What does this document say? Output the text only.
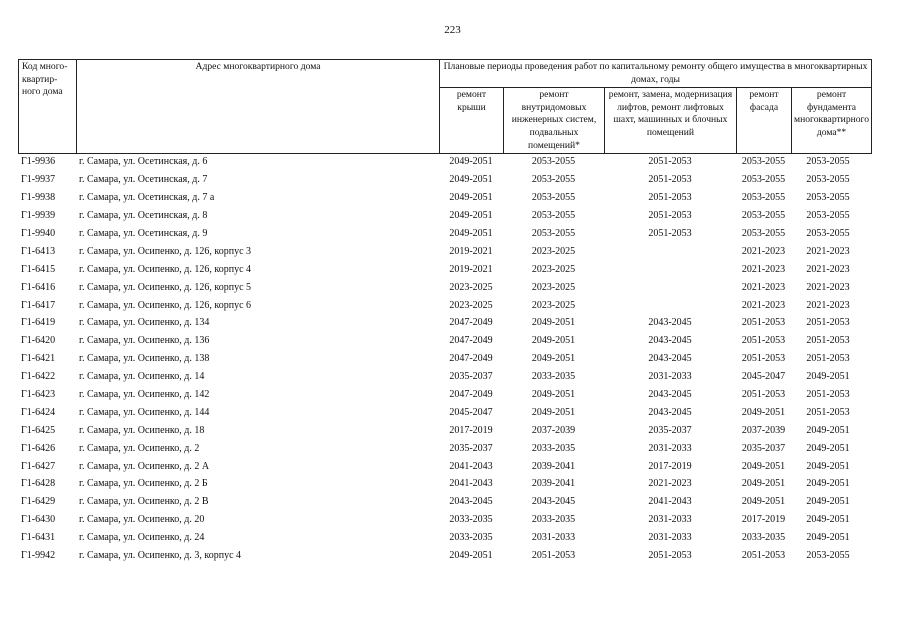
223
Код много- квартир- ного дома	Адрес многоквартирного дома	Плановые периоды проведения работ по капитальному ремонту общего имущества в многоквартирных домах, годы				
		ремонт крыши	ремонт внутридомовых инженерных систем, подвальных помещений*	ремонт, замена, модернизация лифтов, ремонт лифтовых шахт, машинных и блочных помещений	ремонт фасада	ремонт фундамента многоквартирного дома**
Г1-9936	г. Самара, ул. Осетинская, д. 6	2049-2051	2053-2055	2051-2053	2053-2055	2053-2055
Г1-9937	г. Самара, ул. Осетинская, д. 7	2049-2051	2053-2055	2051-2053	2053-2055	2053-2055
Г1-9938	г. Самара, ул. Осетинская, д. 7 а	2049-2051	2053-2055	2051-2053	2053-2055	2053-2055
Г1-9939	г. Самара, ул. Осетинская, д. 8	2049-2051	2053-2055	2051-2053	2053-2055	2053-2055
Г1-9940	г. Самара, ул. Осетинская, д. 9	2049-2051	2053-2055	2051-2053	2053-2055	2053-2055
Г1-6413	г. Самара, ул. Осипенко, д. 126, корпус 3	2019-2021	2023-2025		2021-2023	2021-2023
Г1-6415	г. Самара, ул. Осипенко, д. 126, корпус 4	2019-2021	2023-2025		2021-2023	2021-2023
Г1-6416	г. Самара, ул. Осипенко, д. 126, корпус 5	2023-2025	2023-2025		2021-2023	2021-2023
Г1-6417	г. Самара, ул. Осипенко, д. 126, корпус 6	2023-2025	2023-2025		2021-2023	2021-2023
Г1-6419	г. Самара, ул. Осипенко, д. 134	2047-2049	2049-2051	2043-2045	2051-2053	2051-2053
Г1-6420	г. Самара, ул. Осипенко, д. 136	2047-2049	2049-2051	2043-2045	2051-2053	2051-2053
Г1-6421	г. Самара, ул. Осипенко, д. 138	2047-2049	2049-2051	2043-2045	2051-2053	2051-2053
Г1-6422	г. Самара, ул. Осипенко, д. 14	2035-2037	2033-2035	2031-2033	2045-2047	2049-2051
Г1-6423	г. Самара, ул. Осипенко, д. 142	2047-2049	2049-2051	2043-2045	2051-2053	2051-2053
Г1-6424	г. Самара, ул. Осипенко, д. 144	2045-2047	2049-2051	2043-2045	2049-2051	2051-2053
Г1-6425	г. Самара, ул. Осипенко, д. 18	2017-2019	2037-2039	2035-2037	2037-2039	2049-2051
Г1-6426	г. Самара, ул. Осипенко, д. 2	2035-2037	2033-2035	2031-2033	2035-2037	2049-2051
Г1-6427	г. Самара, ул. Осипенко, д. 2 А	2041-2043	2039-2041	2017-2019	2049-2051	2049-2051
Г1-6428	г. Самара, ул. Осипенко, д. 2 Б	2041-2043	2039-2041	2021-2023	2049-2051	2049-2051
Г1-6429	г. Самара, ул. Осипенко, д. 2 В	2043-2045	2043-2045	2041-2043	2049-2051	2049-2051
Г1-6430	г. Самара, ул. Осипенко, д. 20	2033-2035	2033-2035	2031-2033	2017-2019	2049-2051
Г1-6431	г. Самара, ул. Осипенко, д. 24	2033-2035	2031-2033	2031-2033	2033-2035	2049-2051
Г1-9942	г. Самара, ул. Осипенко, д. 3, корпус 4	2049-2051	2051-2053	2051-2053	2051-2053	2053-2055
